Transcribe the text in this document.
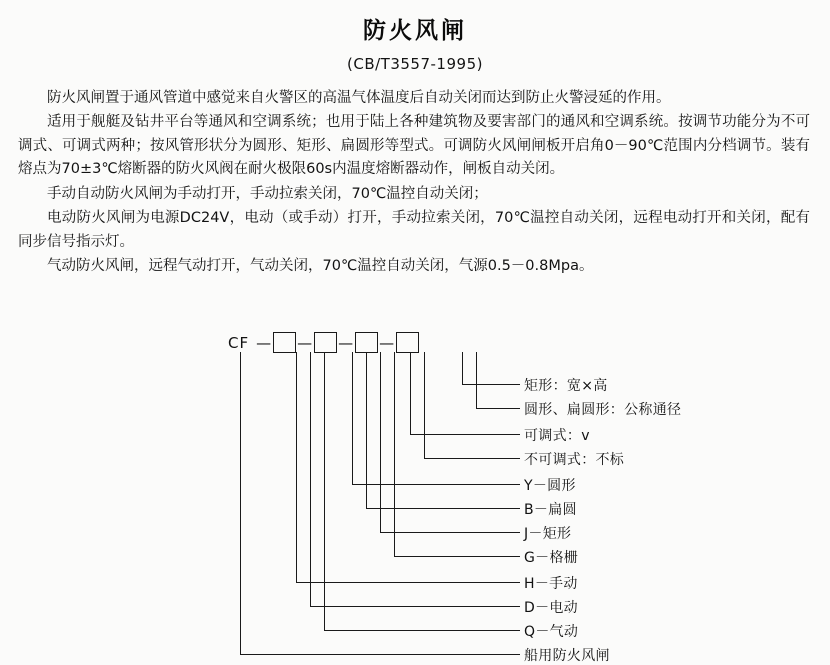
防火风闸
(CB/T3557-1995)

防火风闸置于通风管道中感觉来自火警区的高温气体温度后自动关闭而达到防止火警浸延的作用。

适用于舰艇及钻井平台等通风和空调系统；也用于陆上各种建筑物及要害部门的通风和空调系统。按调节功能分为不可调式、可调式两种；按风管形状分为圆形、矩形、扁圆形等型式。可调防火风闸闸板开启角0－90℃范围内分档调节。装有熔点为70±3℃熔断器的防火风阀在耐火极限60s内温度熔断器动作，闸板自动关闭。

手动自动防火风闸为手动打开，手动拉索关闭，70℃温控自动关闭；

电动防火风闸为电源DC24V，电动（或手动）打开，手动拉索关闭，70℃温控自动关闭，远程电动打开和关闭，配有同步信号指示灯。

气动防火风闸，远程气动打开，气动关闭，70℃温控自动关闭，气源0.5－0.8Mpa。

CF — — — —
矩形：宽×高
圆形、扁圆形：公称通径
可调式：v
不可调式：不标
Y－圆形
B－扁圆
J－矩形
G－格栅
H－手动
D－电动
Q－气动
船用防火风闸
